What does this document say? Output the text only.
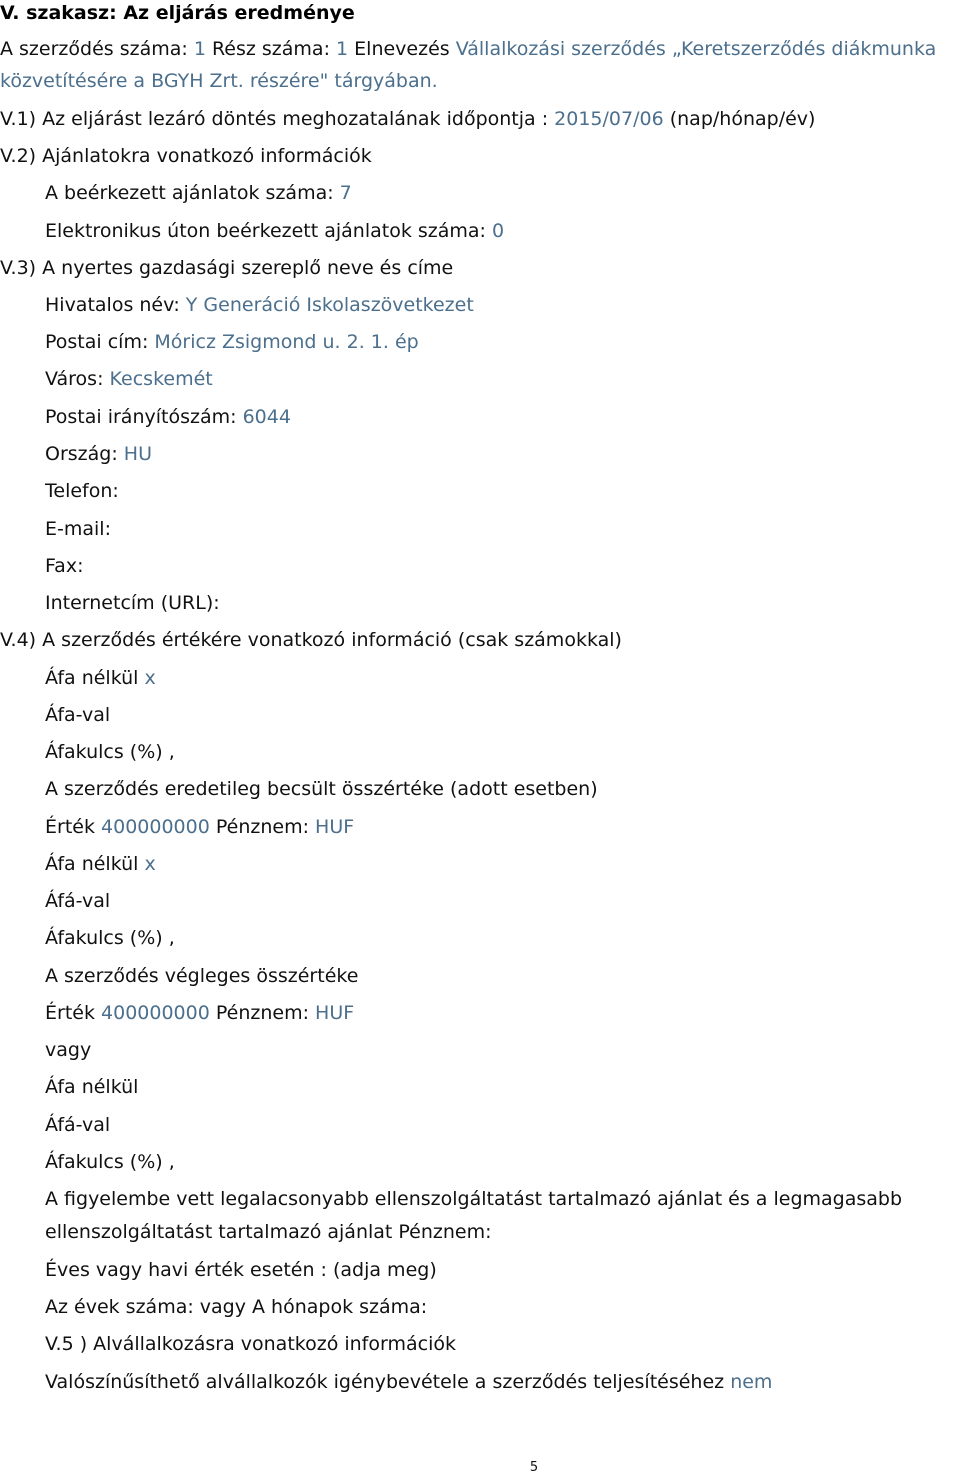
V. szakasz: Az eljárás eredménye
A szerződés száma: 1 Rész száma: 1 Elnevezés Vállalkozási szerződés „Keretszerződés diákmunka
közvetítésére a BGYH Zrt. részére" tárgyában.
V.1) Az eljárást lezáró döntés meghozatalának időpontja : 2015/07/06 (nap/hónap/év)
V.2) Ajánlatokra vonatkozó információk
A beérkezett ajánlatok száma: 7
Elektronikus úton beérkezett ajánlatok száma: 0
V.3) A nyertes gazdasági szereplő neve és címe
Hivatalos név: Y Generáció Iskolaszövetkezet
Postai cím: Móricz Zsigmond u. 2. 1. ép
Város: Kecskemét
Postai irányítószám: 6044
Ország: HU
Telefon:
E-mail:
Fax:
Internetcím (URL):
V.4) A szerződés értékére vonatkozó információ (csak számokkal)
Áfa nélkül x
Áfa-val
Áfakulcs (%) ,
A szerződés eredetileg becsült összértéke (adott esetben)
Érték 400000000 Pénznem: HUF
Áfa nélkül x
Áfá-val
Áfakulcs (%) ,
A szerződés végleges összértéke
Érték 400000000 Pénznem: HUF
vagy
Áfa nélkül
Áfá-val
Áfakulcs (%) ,
A figyelembe vett legalacsonyabb ellenszolgáltatást tartalmazó ajánlat és a legmagasabb
ellenszolgáltatást tartalmazó ajánlat Pénznem:
Éves vagy havi érték esetén : (adja meg)
Az évek száma: vagy A hónapok száma:
V.5 ) Alvállalkozásra vonatkozó információk
Valószínűsíthető alvállalkozók igénybevétele a szerződés teljesítéséhez nem
5
